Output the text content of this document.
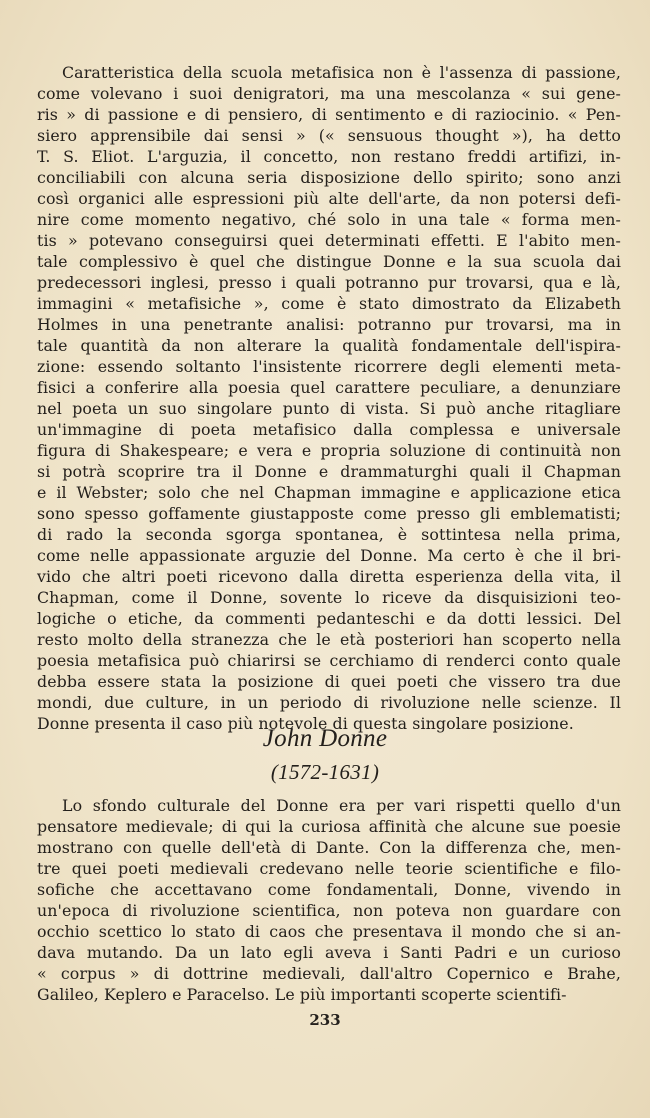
Caratteristica della scuola metafisica non è l'assenza di passione,
come volevano i suoi denigratori, ma una mescolanza « sui gene-
ris » di passione e di pensiero, di sentimento e di raziocinio. « Pen-
siero apprensibile dai sensi » (« sensuous thought »), ha detto
T. S. Eliot. L'arguzia, il concetto, non restano freddi artifizi, in-
conciliabili con alcuna seria disposizione dello spirito; sono anzi
così organici alle espressioni più alte dell'arte, da non potersi defi-
nire come momento negativo, ché solo in una tale « forma men-
tis » potevano conseguirsi quei determinati effetti. E l'abito men-
tale complessivo è quel che distingue Donne e la sua scuola dai
predecessori inglesi, presso i quali potranno pur trovarsi, qua e là,
immagini « metafisiche », come è stato dimostrato da Elizabeth
Holmes in una penetrante analisi: potranno pur trovarsi, ma in
tale quantità da non alterare la qualità fondamentale dell'ispira-
zione: essendo soltanto l'insistente ricorrere degli elementi meta-
fisici a conferire alla poesia quel carattere peculiare, a denunziare
nel poeta un suo singolare punto di vista. Si può anche ritagliare
un'immagine di poeta metafisico dalla complessa e universale
figura di Shakespeare; e vera e propria soluzione di continuità non
si potrà scoprire tra il Donne e drammaturghi quali il Chapman
e il Webster; solo che nel Chapman immagine e applicazione etica
sono spesso goffamente giustapposte come presso gli emblematisti;
di rado la seconda sgorga spontanea, è sottintesa nella prima,
come nelle appassionate arguzie del Donne. Ma certo è che il bri-
vido che altri poeti ricevono dalla diretta esperienza della vita, il
Chapman, come il Donne, sovente lo riceve da disquisizioni teo-
logiche o etiche, da commenti pedanteschi e da dotti lessici. Del
resto molto della stranezza che le età posteriori han scoperto nella
poesia metafisica può chiarirsi se cerchiamo di renderci conto quale
debba essere stata la posizione di quei poeti che vissero tra due
mondi, due culture, in un periodo di rivoluzione nelle scienze. Il
Donne presenta il caso più notevole di questa singolare posizione.
John Donne
(1572-1631)
Lo sfondo culturale del Donne era per vari rispetti quello d'un
pensatore medievale; di qui la curiosa affinità che alcune sue poesie
mostrano con quelle dell'età di Dante. Con la differenza che, men-
tre quei poeti medievali credevano nelle teorie scientifiche e filo-
sofiche che accettavano come fondamentali, Donne, vivendo in
un'epoca di rivoluzione scientifica, non poteva non guardare con
occhio scettico lo stato di caos che presentava il mondo che si an-
dava mutando. Da un lato egli aveva i Santi Padri e un curioso
« corpus » di dottrine medievali, dall'altro Copernico e Brahe,
Galileo, Keplero e Paracelso. Le più importanti scoperte scientifi-
233
